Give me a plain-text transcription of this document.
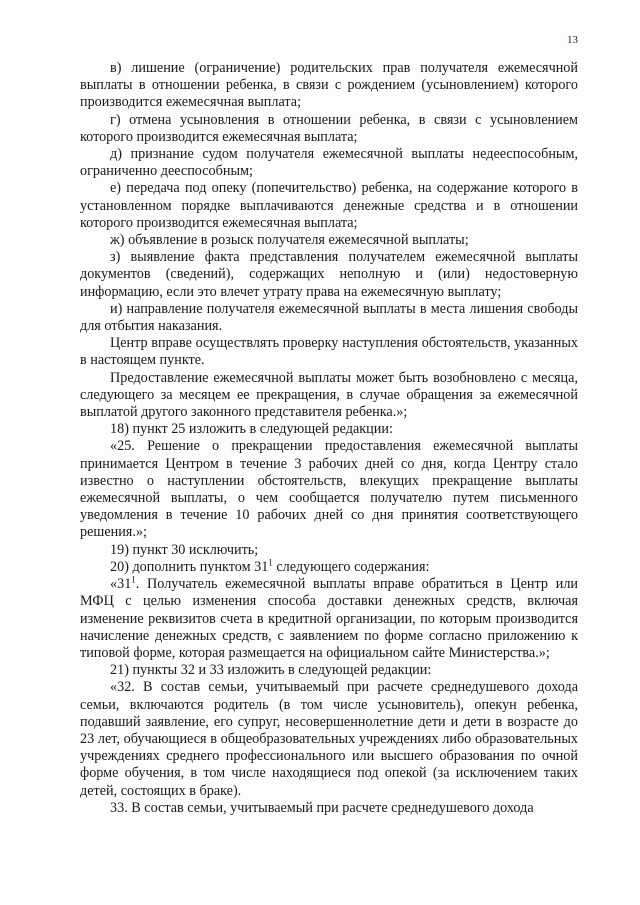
13

в) лишение (ограничение) родительских прав получателя ежемесячной выплаты в отношении ребенка, в связи с рождением (усыновлением) которого производится ежемесячная выплата;

г) отмена усыновления в отношении ребенка, в связи с усыновлением которого производится ежемесячная выплата;

д) признание судом получателя ежемесячной выплаты недееспособным, ограниченно дееспособным;

е) передача под опеку (попечительство) ребенка, на содержание которого в установленном порядке выплачиваются денежные средства и в отношении которого производится ежемесячная выплата;

ж) объявление в розыск получателя ежемесячной выплаты;

з) выявление факта представления получателем ежемесячной выплаты документов (сведений), содержащих неполную и (или) недостоверную информацию, если это влечет утрату права на ежемесячную выплату;

и) направление получателя ежемесячной выплаты в места лишения свободы для отбытия наказания.

Центр вправе осуществлять проверку наступления обстоятельств, указанных в настоящем пункте.

Предоставление ежемесячной выплаты может быть возобновлено с месяца, следующего за месяцем ее прекращения, в случае обращения за ежемесячной выплатой другого законного представителя ребенка.»;

18) пункт 25 изложить в следующей редакции:

«25. Решение о прекращении предоставления ежемесячной выплаты принимается Центром в течение 3 рабочих дней со дня, когда Центру стало известно о наступлении обстоятельств, влекущих прекращение выплаты ежемесячной выплаты, о чем сообщается получателю путем письменного уведомления в течение 10 рабочих дней со дня принятия соответствующего решения.»;

19) пункт 30 исключить;

20) дополнить пунктом $31^1$ следующего содержания:

«$31^1$. Получатель ежемесячной выплаты вправе обратиться в Центр или МФЦ с целью изменения способа доставки денежных средств, включая изменение реквизитов счета в кредитной организации, по которым производится начисление денежных средств, с заявлением по форме согласно приложению к типовой форме, которая размещается на официальном сайте Министерства.»;

21) пункты 32 и 33 изложить в следующей редакции:

«32. В состав семьи, учитываемый при расчете среднедушевого дохода семьи, включаются родитель (в том числе усыновитель), опекун ребенка, подавший заявление, его супруг, несовершеннолетние дети и дети в возрасте до 23 лет, обучающиеся в общеобразовательных учреждениях либо образовательных учреждениях среднего профессионального или высшего образования по очной форме обучения, в том числе находящиеся под опекой (за исключением таких детей, состоящих в браке).

33. В состав семьи, учитываемый при расчете среднедушевого дохода
